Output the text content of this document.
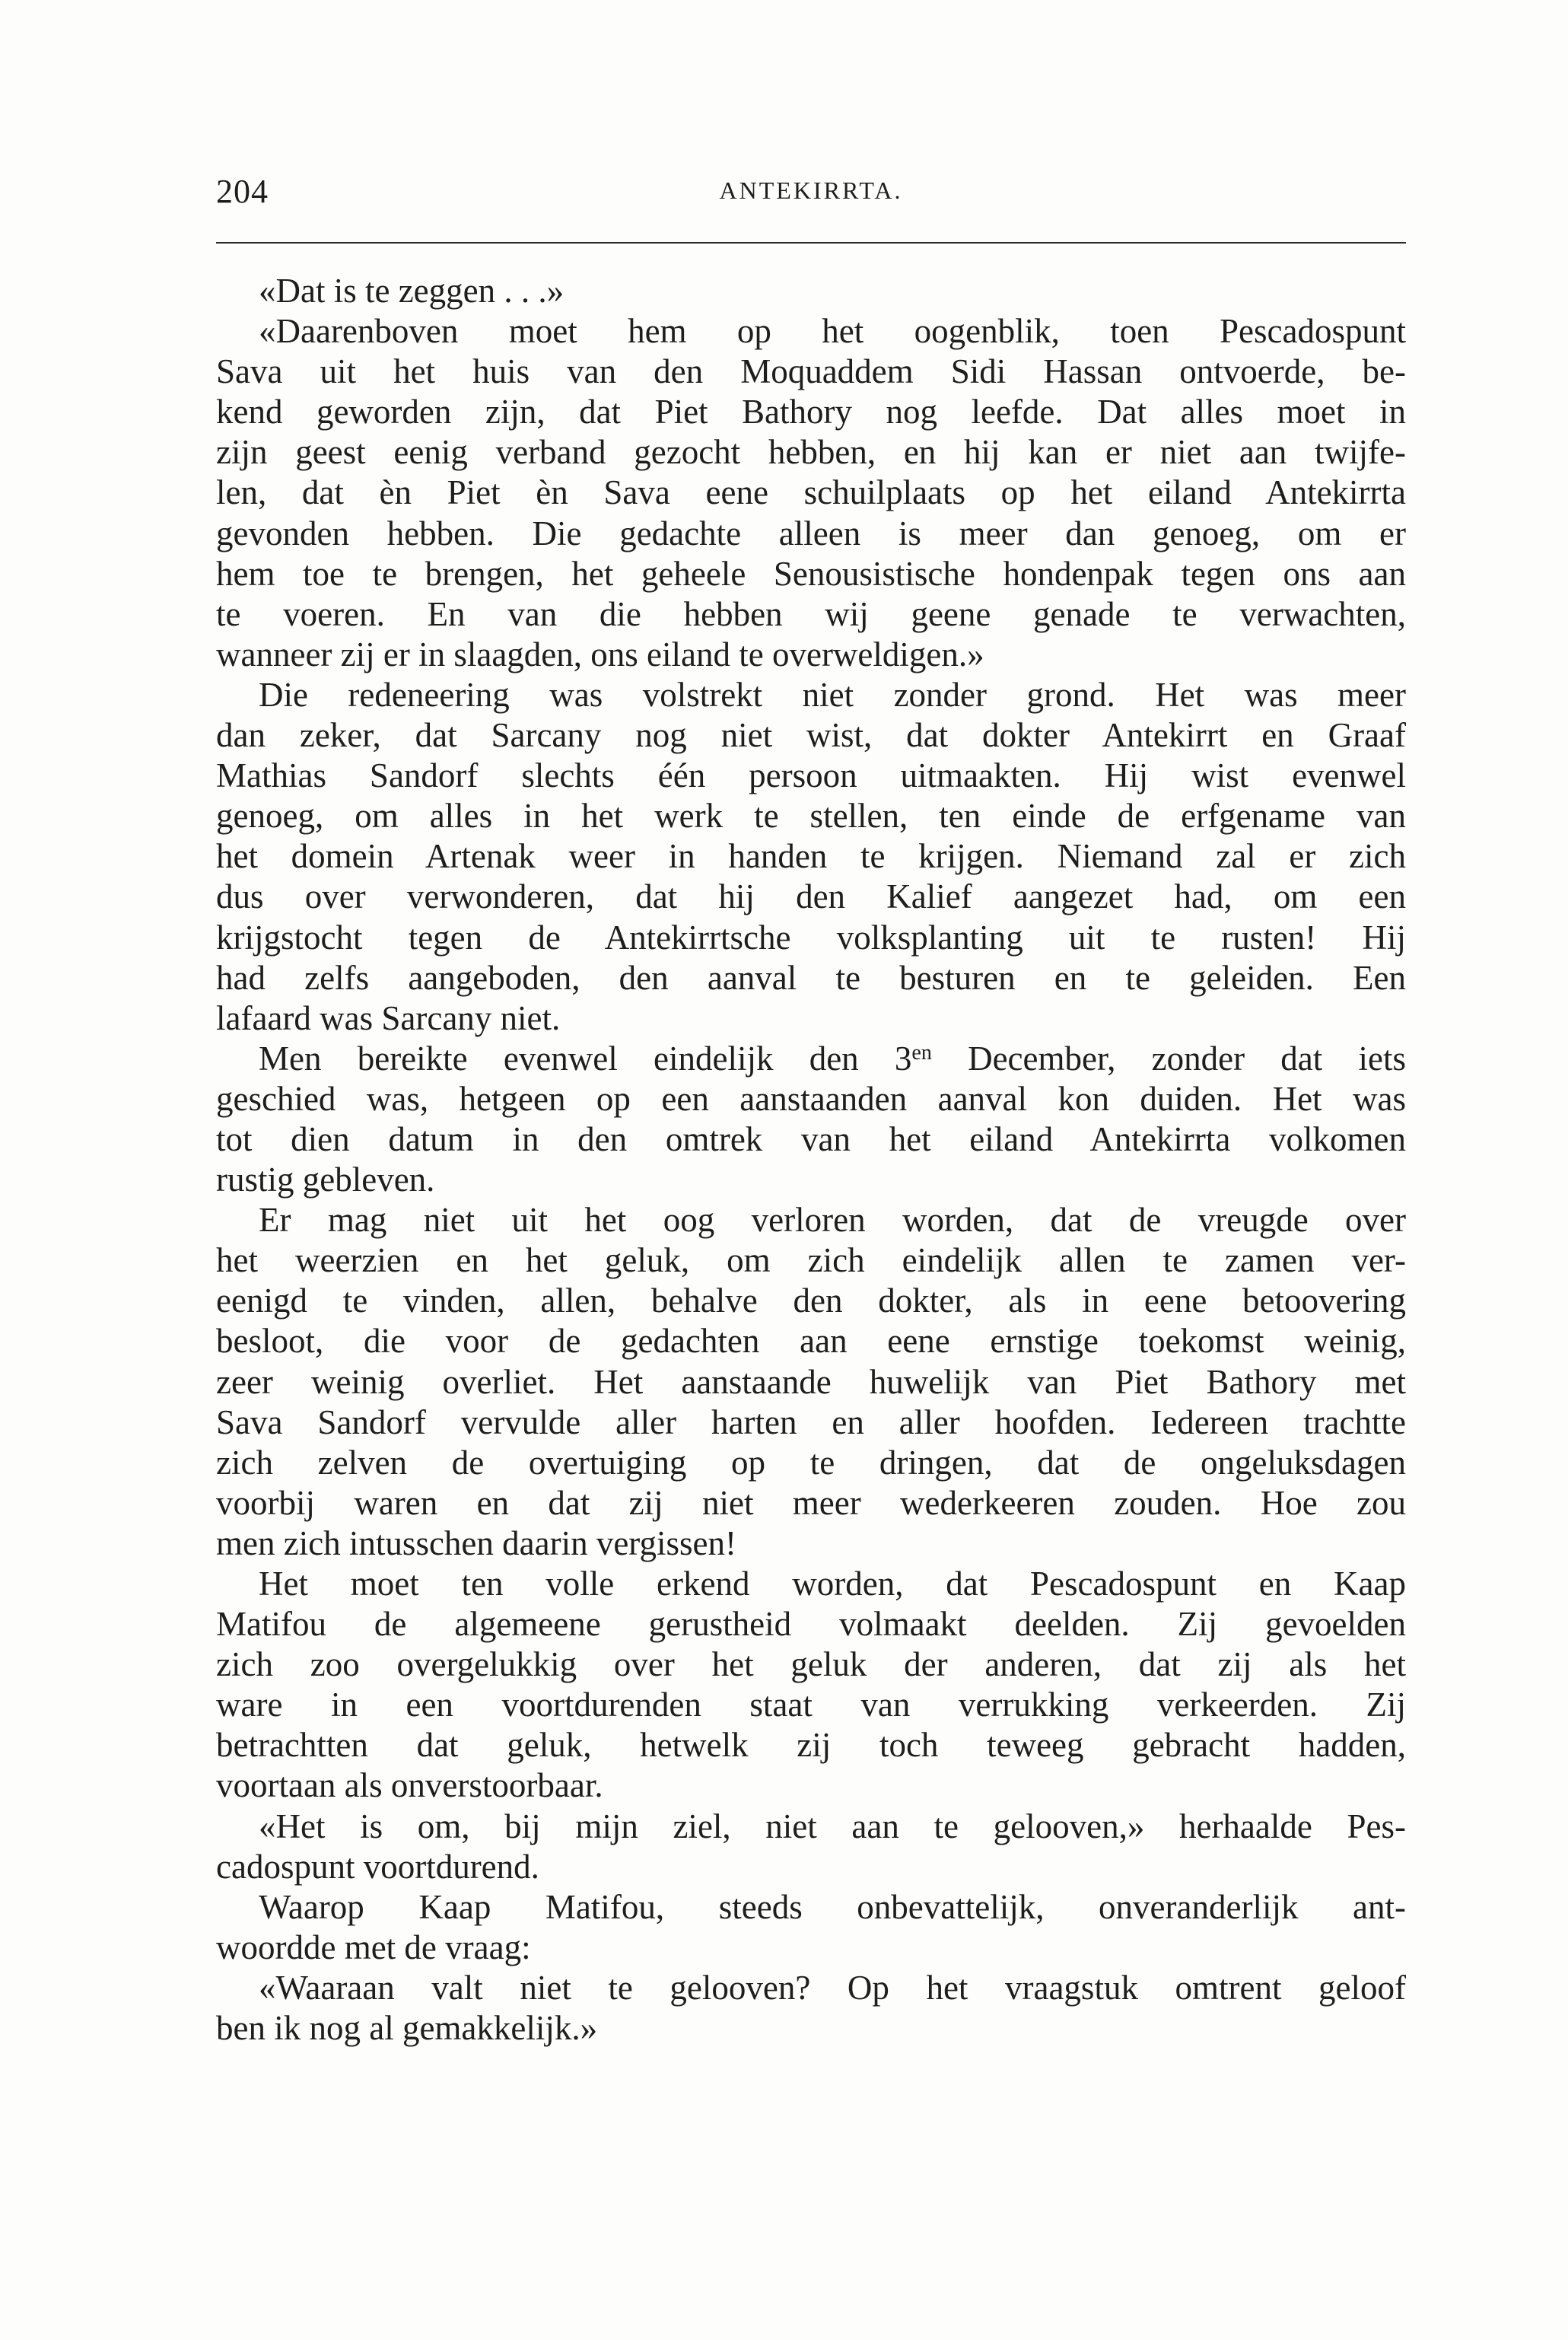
204	ANTEKIRRTA.
«Dat is te zeggen . . .»
«Daarenboven moet hem op het oogenblik, toen Pescadospunt
Sava uit het huis van den Moquaddem Sidi Hassan ontvoerde, be-
kend geworden zijn, dat Piet Bathory nog leefde. Dat alles moet in
zijn geest eenig verband gezocht hebben, en hij kan er niet aan twijfe-
len, dat èn Piet èn Sava eene schuilplaats op het eiland Antekirrta
gevonden hebben. Die gedachte alleen is meer dan genoeg, om er
hem toe te brengen, het geheele Senousistische hondenpak tegen ons aan
te voeren. En van die hebben wij geene genade te verwachten,
wanneer zij er in slaagden, ons eiland te overweldigen.»
Die redeneering was volstrekt niet zonder grond. Het was meer
dan zeker, dat Sarcany nog niet wist, dat dokter Antekirrt en Graaf
Mathias Sandorf slechts één persoon uitmaakten. Hij wist evenwel
genoeg, om alles in het werk te stellen, ten einde de erfgename van
het domein Artenak weer in handen te krijgen. Niemand zal er zich
dus over verwonderen, dat hij den Kalief aangezet had, om een
krijgstocht tegen de Antekirrtsche volksplanting uit te rusten! Hij
had zelfs aangeboden, den aanval te besturen en te geleiden. Een
lafaard was Sarcany niet.
Men bereikte evenwel eindelijk den $3^{en}$ December, zonder dat iets
geschied was, hetgeen op een aanstaanden aanval kon duiden. Het was
tot dien datum in den omtrek van het eiland Antekirrta volkomen
rustig gebleven.
Er mag niet uit het oog verloren worden, dat de vreugde over
het weerzien en het geluk, om zich eindelijk allen te zamen ver-
eenigd te vinden, allen, behalve den dokter, als in eene betoovering
besloot, die voor de gedachten aan eene ernstige toekomst weinig,
zeer weinig overliet. Het aanstaande huwelijk van Piet Bathory met
Sava Sandorf vervulde aller harten en aller hoofden. Iedereen trachtte
zich zelven de overtuiging op te dringen, dat de ongeluksdagen
voorbij waren en dat zij niet meer wederkeeren zouden. Hoe zou
men zich intusschen daarin vergissen!
Het moet ten volle erkend worden, dat Pescadospunt en Kaap
Matifou de algemeene gerustheid volmaakt deelden. Zij gevoelden
zich zoo overgelukkig over het geluk der anderen, dat zij als het
ware in een voortdurenden staat van verrukking verkeerden. Zij
betrachtten dat geluk, hetwelk zij toch teweeg gebracht hadden,
voortaan als onverstoorbaar.
«Het is om, bij mijn ziel, niet aan te gelooven,» herhaalde Pes-
cadospunt voortdurend.
Waarop Kaap Matifou, steeds onbevattelijk, onveranderlijk ant-
woordde met de vraag:
«Waaraan valt niet te gelooven? Op het vraagstuk omtrent geloof
ben ik nog al gemakkelijk.»
